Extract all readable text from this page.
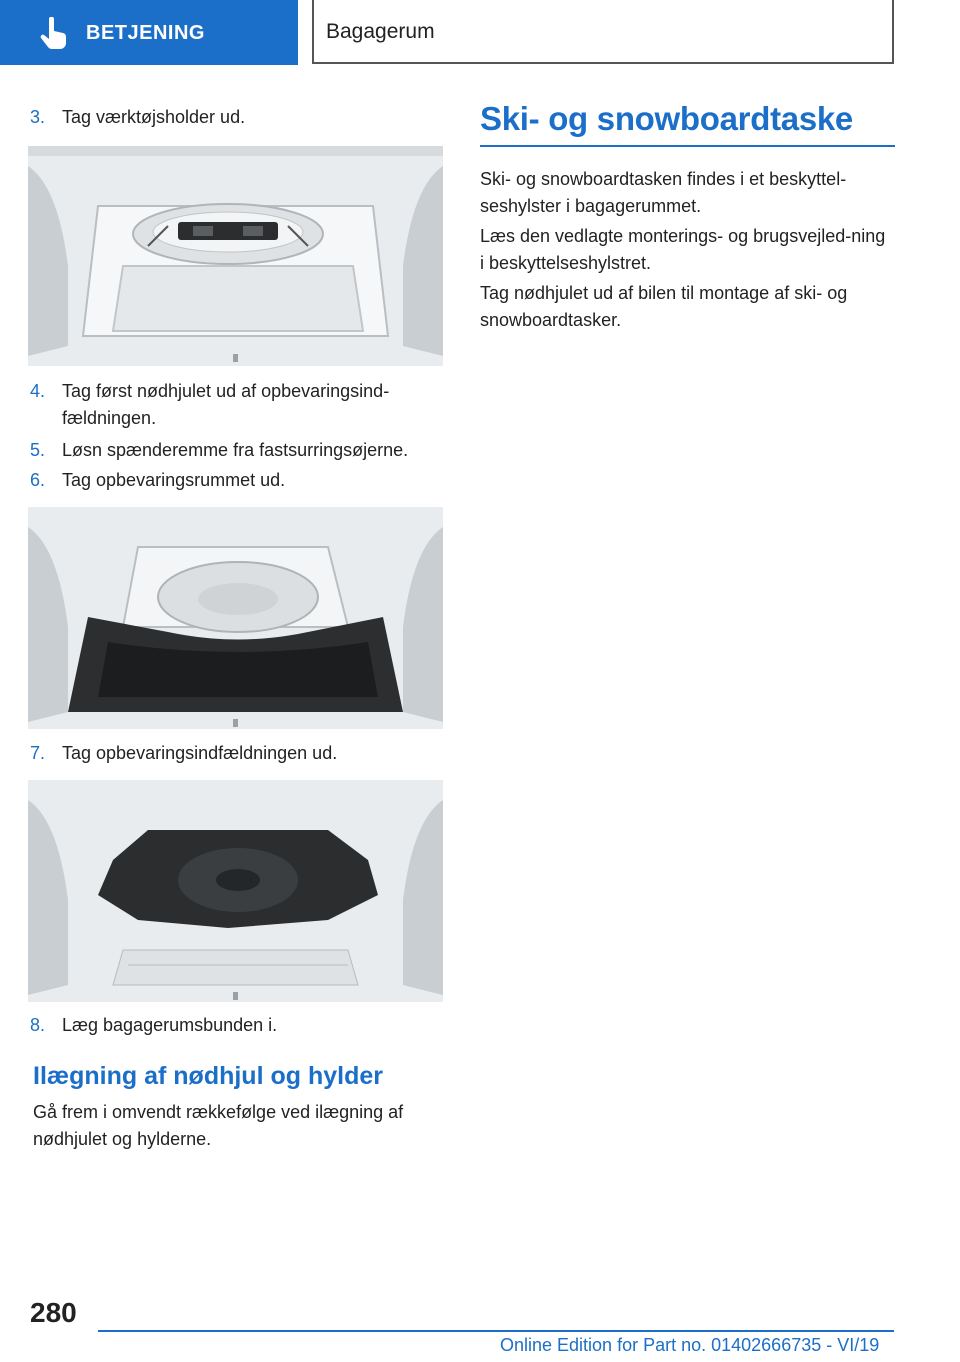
BETJENING	Bagagerum
3. Tag værktøjsholder ud.
4. Tag først nødhjulet ud af opbevaringsind-fældningen.
5. Løsn spænderemme fra fastsurringsøjerne.
6. Tag opbevaringsrummet ud.
7. Tag opbevaringsindfældningen ud.
8. Læg bagagerumsbunden i.
Ilægning af nødhjul og hylder
Gå frem i omvendt rækkefølge ved ilægning af nødhjulet og hylderne.
Ski- og snowboardtaske
Ski- og snowboardtasken findes i et beskyttel-seshylster i bagagerummet.
Læs den vedlagte monterings- og brugsvejled-ning i beskyttelseshylstret.
Tag nødhjulet ud af bilen til montage af ski- og snowboardtasker.
280
Online Edition for Part no. 01402666735 - VI/19
